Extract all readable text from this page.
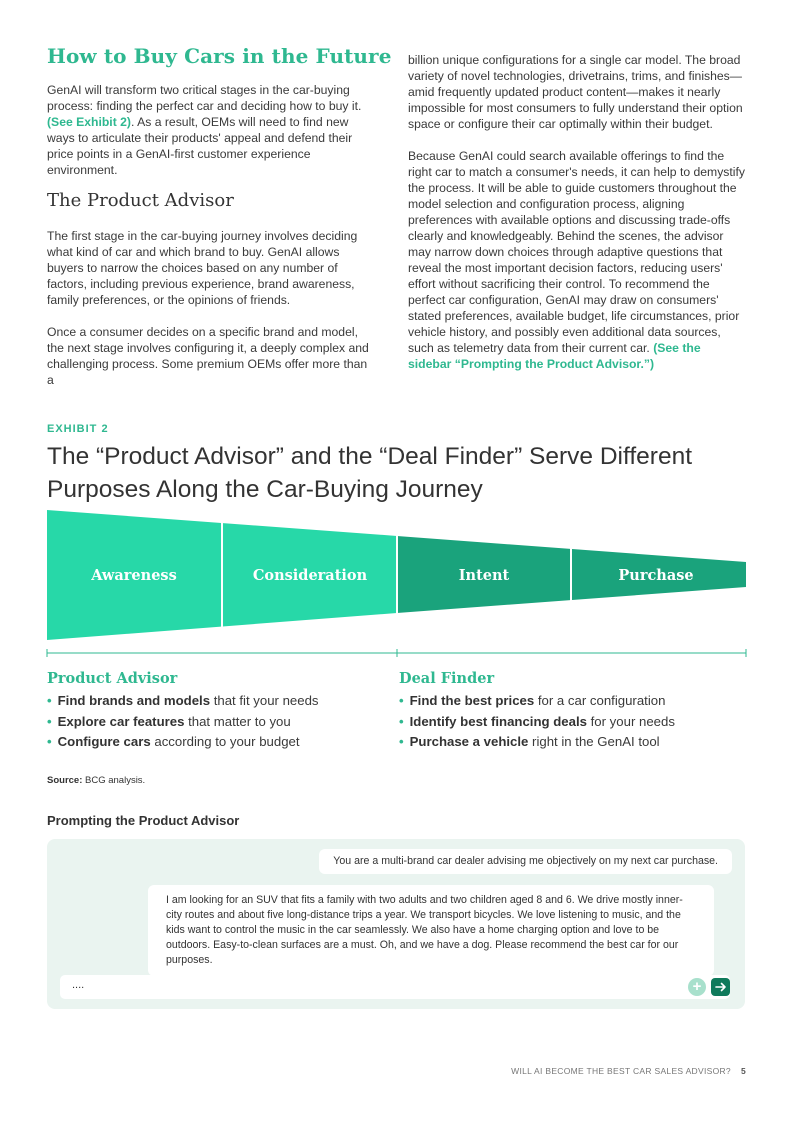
How to Buy Cars in the Future

GenAI will transform two critical stages in the car-buying process: finding the perfect car and deciding how to buy it. (See Exhibit 2). As a result, OEMs will need to find new ways to articulate their products' appeal and defend their price points in a GenAI-first customer experience environment.

The Product Advisor

The first stage in the car-buying journey involves deciding what kind of car and which brand to buy. GenAI allows buyers to narrow the choices based on any number of factors, including previous experience, brand awareness, family preferences, or the opinions of friends.

Once a consumer decides on a specific brand and model, the next stage involves configuring it, a deeply complex and challenging process. Some premium OEMs offer more than a

billion unique configurations for a single car model. The broad variety of novel technologies, drivetrains, trims, and finishes—amid frequently updated product content—makes it nearly impossible for most consumers to fully understand their option space or configure their car optimally within their budget.

Because GenAI could search available offerings to find the right car to match a consumer's needs, it can help to demystify the process. It will be able to guide customers throughout the model selection and configuration process, aligning preferences with available options and discussing trade-offs clearly and knowledgeably. Behind the scenes, the advisor may narrow down choices through adaptive questions that reveal the most important decision factors, reducing users' effort without sacrificing their control. To recommend the perfect car configuration, GenAI may draw on consumers' stated preferences, available budget, life circumstances, prior vehicle history, and possibly even additional data sources, such as telemetry data from their current car. (See the sidebar “Prompting the Product Advisor.”)

EXHIBIT 2
The “Product Advisor” and the “Deal Finder” Serve Different Purposes Along the Car-Buying Journey
Awareness	Consideration	Intent	Purchase
Product Advisor
• Find brands and models that fit your needs
• Explore car features that matter to you
• Configure cars according to your budget
Deal Finder
• Find the best prices for a car configuration
• Identify best financing deals for your needs
• Purchase a vehicle right in the GenAI tool
Source: BCG analysis.
Prompting the Product Advisor
You are a multi-brand car dealer advising me objectively on my next car purchase.
I am looking for an SUV that fits a family with two adults and two children aged 8 and 6. We drive mostly inner-city routes and about five long-distance trips a year. We transport bicycles. We love listening to music, and the kids want to control the music in the car seamlessly. We also have a home charging option and love to be outdoors. Easy-to-clean surfaces are a must. Oh, and we have a dog. Please recommend the best car for our purposes.
....	+
WILL AI BECOME THE BEST CAR SALES ADVISOR? 5
